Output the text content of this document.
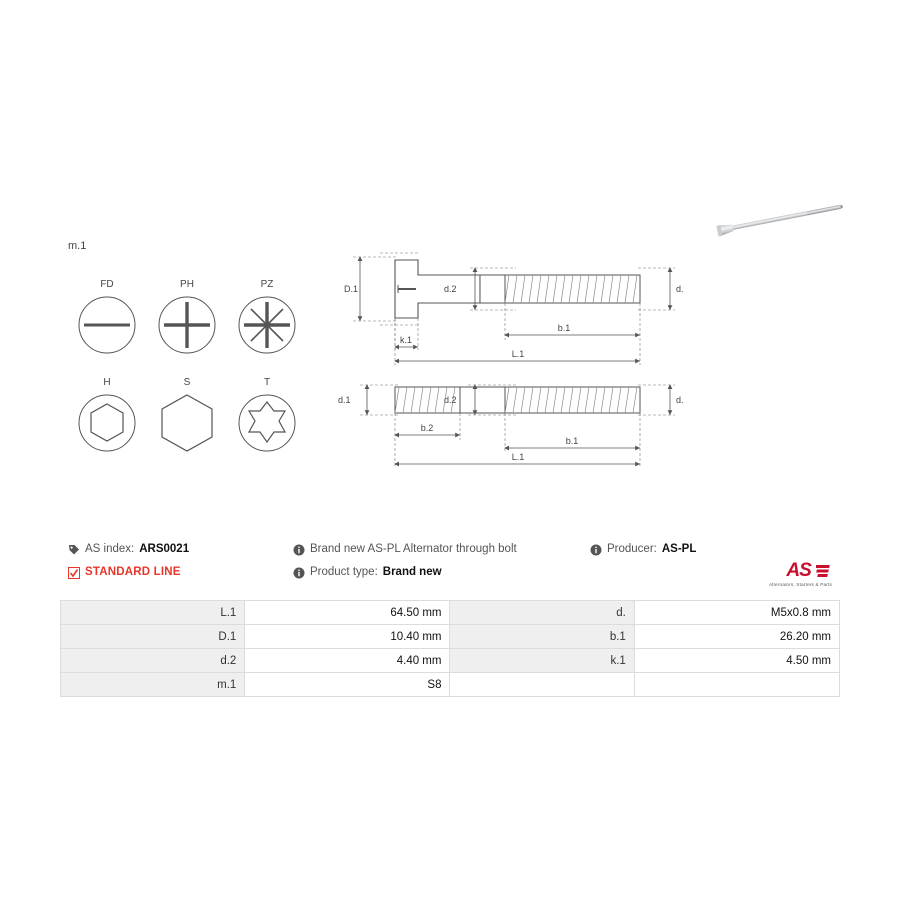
m.1
FD	PH	PZ
H	S	T
D.1	d.2	d.
b.1
k.1
L.1
d.1	d.2	d.
b.2
b.1
L.1
AS index: ARS0021
STANDARD LINE
Brand new AS-PL Alternator through bolt
Product type: Brand new
Producer: AS-PL
AS
Alternators, Starters & Parts
L.1	64.50 mm	d.	M5x0.8 mm
D.1	10.40 mm	b.1	26.20 mm
d.2	4.40 mm	k.1	4.50 mm
m.1	S8		
